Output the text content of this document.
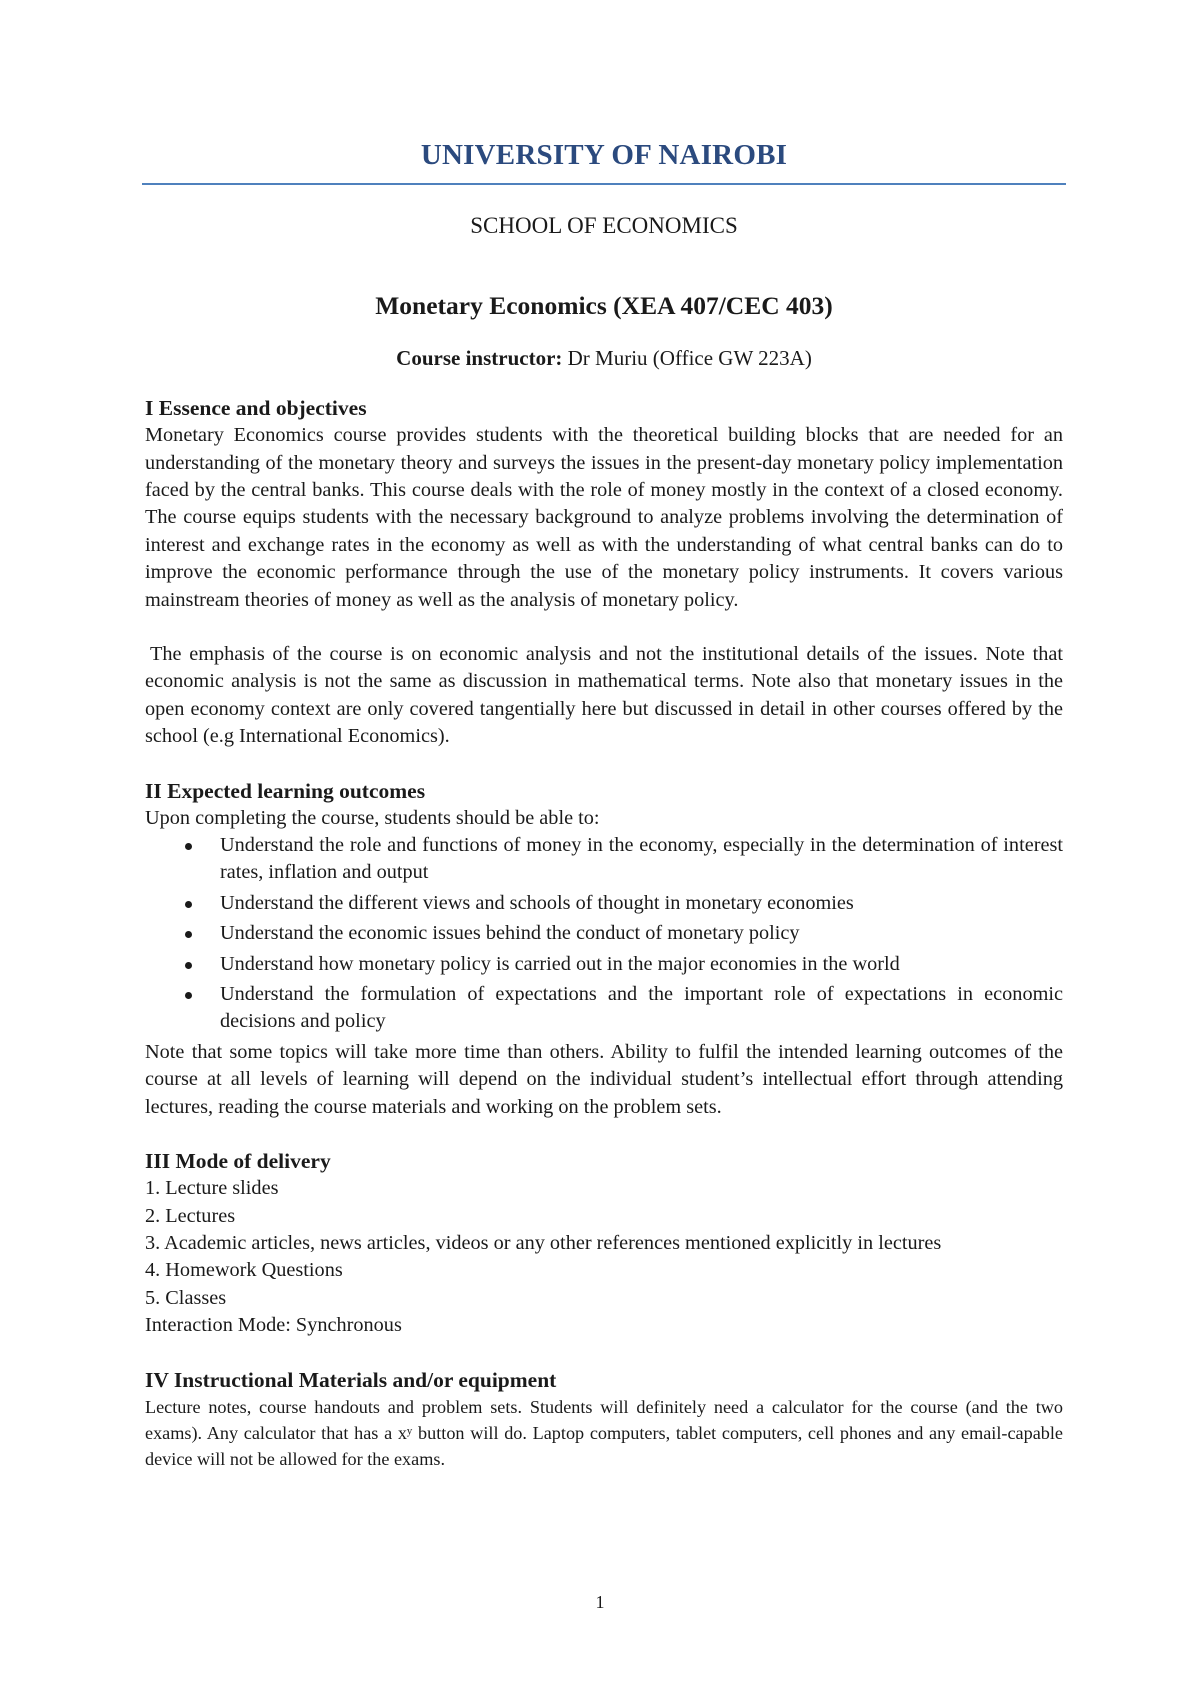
UNIVERSITY OF NAIROBI

SCHOOL OF ECONOMICS

Monetary Economics (XEA 407/CEC 403)

Course instructor: Dr Muriu (Office GW 223A)

I Essence and objectives

Monetary Economics course provides students with the theoretical building blocks that are needed for an understanding of the monetary theory and surveys the issues in the present-day monetary policy implementation faced by the central banks. This course deals with the role of money mostly in the context of a closed economy. The course equips students with the necessary background to analyze problems involving the determination of interest and exchange rates in the economy as well as with the understanding of what central banks can do to improve the economic performance through the use of the monetary policy instruments. It covers various mainstream theories of money as well as the analysis of monetary policy.

The emphasis of the course is on economic analysis and not the institutional details of the issues. Note that economic analysis is not the same as discussion in mathematical terms. Note also that monetary issues in the open economy context are only covered tangentially here but discussed in detail in other courses offered by the school (e.g International Economics).

II Expected learning outcomes

Upon completing the course, students should be able to:

Understand the role and functions of money in the economy, especially in the determination of interest rates, inflation and output
Understand the different views and schools of thought in monetary economies
Understand the economic issues behind the conduct of monetary policy
Understand how monetary policy is carried out in the major economies in the world
Understand the formulation of expectations and the important role of expectations in economic decisions and policy

Note that some topics will take more time than others. Ability to fulfil the intended learning outcomes of the course at all levels of learning will depend on the individual student’s intellectual effort through attending lectures, reading the course materials and working on the problem sets.

III Mode of delivery

1. Lecture slides

2. Lectures

3. Academic articles, news articles, videos or any other references mentioned explicitly in lectures

4. Homework Questions

5. Classes

Interaction Mode: Synchronous

IV Instructional Materials and/or equipment

Lecture notes, course handouts and problem sets. Students will definitely need a calculator for the course (and the two exams). Any calculator that has a xʸ button will do. Laptop computers, tablet computers, cell phones and any email-capable device will not be allowed for the exams.

1
